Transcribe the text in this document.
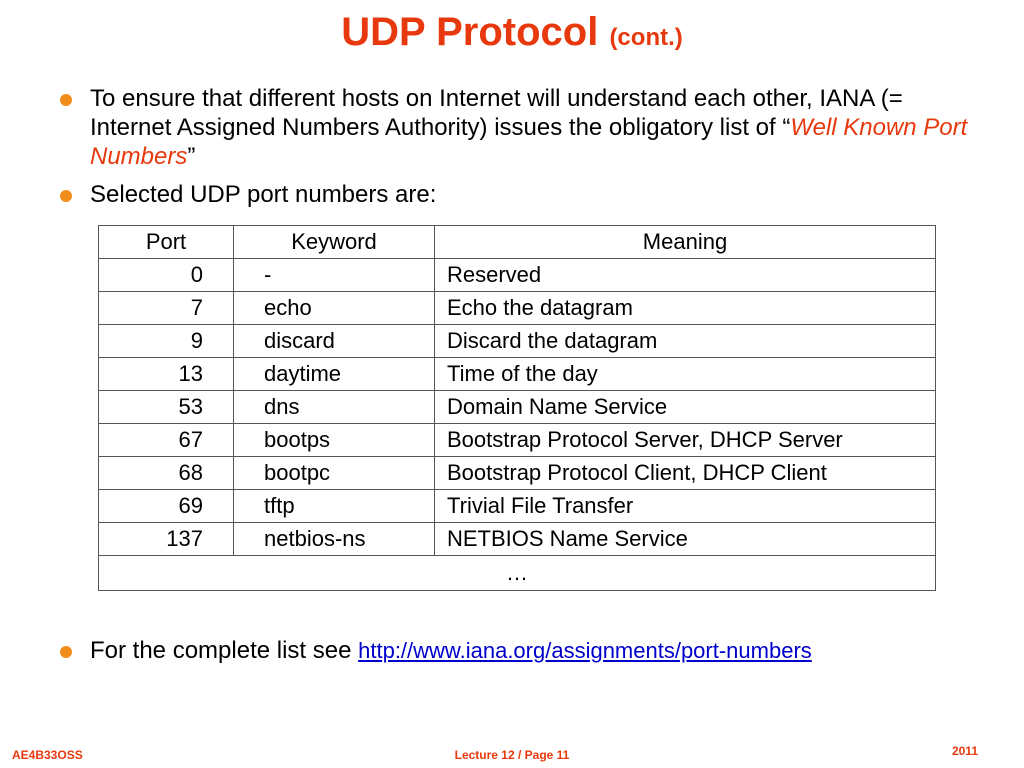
UDP Protocol (cont.)
To ensure that different hosts on Internet will understand each other, IANA (= Internet Assigned Numbers Authority) issues the obligatory list of “Well Known Port Numbers”
Selected UDP port numbers are:
Port	Keyword	Meaning
0	-	Reserved
7	echo	Echo the datagram
9	discard	Discard the datagram
13	daytime	Time of the day
53	dns	Domain Name Service
67	bootps	Bootstrap Protocol Server, DHCP Server
68	bootpc	Bootstrap Protocol Client, DHCP Client
69	tftp	Trivial File Transfer
137	netbios-ns	NETBIOS Name Service
…		
For the complete list see http://www.iana.org/assignments/port-numbers
AE4B33OSS	Lecture 12 / Page 11	2011
